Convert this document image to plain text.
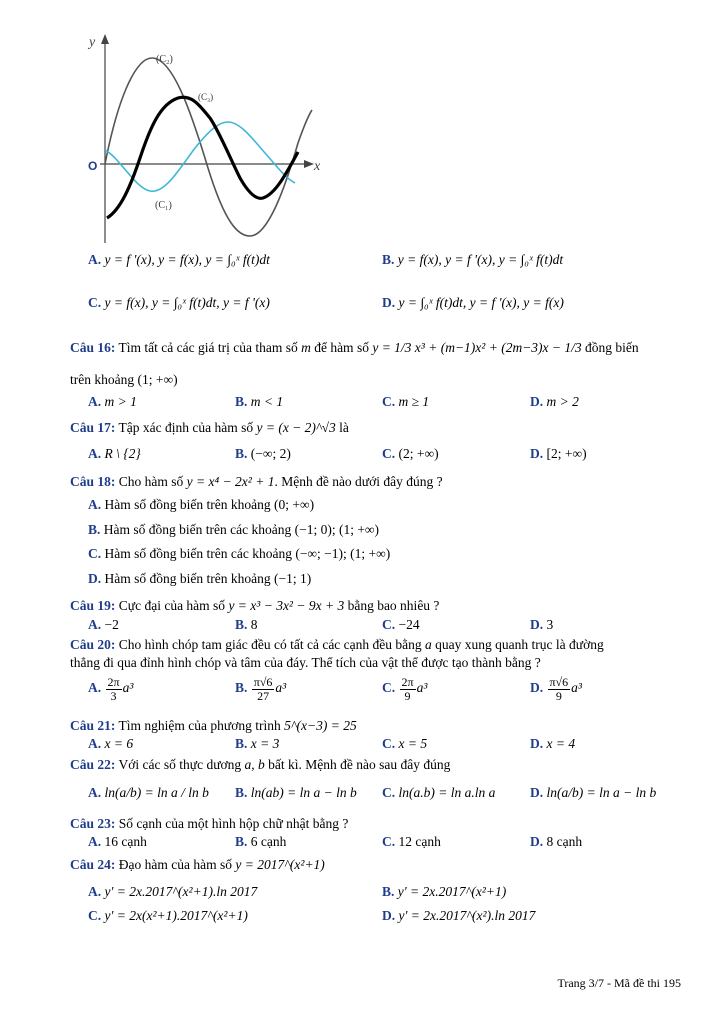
y
x
O
(C₂)
(C₃)
(C₁)
A. y = f '(x), y = f(x), y = ∫₀ˣ f(t)dt	B. y = f(x), y = f '(x), y = ∫₀ˣ f(t)dt
C. y = f(x), y = ∫₀ˣ f(t)dt, y = f '(x)	D. y = ∫₀ˣ f(t)dt, y = f '(x), y = f(x)
Câu 16: Tìm tất cả các giá trị của tham số m để hàm số y = 1/3 x³ + (m−1)x² + (2m−3)x − 1/3 đồng biến
trên khoảng (1; +∞)
A. m > 1	B. m < 1	C. m ≥ 1	D. m > 2
Câu 17: Tập xác định của hàm số y = (x − 2)^√3 là
A. R \ {2}	B. (−∞; 2)	C. (2; +∞)	D. [2; +∞)
Câu 18: Cho hàm số y = x⁴ − 2x² + 1. Mệnh đề nào dưới đây đúng ?
A. Hàm số đồng biến trên khoảng (0; +∞)
B. Hàm số đồng biến trên các khoảng (−1; 0); (1; +∞)
C. Hàm số đồng biến trên các khoảng (−∞; −1); (1; +∞)
D. Hàm số đồng biến trên khoảng (−1; 1)
Câu 19: Cực đại của hàm số y = x³ − 3x² − 9x + 3 bằng bao nhiêu ?
A. −2	B. 8	C. −24	D. 3
Câu 20: Cho hình chóp tam giác đều có tất cả các cạnh đều bằng a quay xung quanh trục là đường
thẳng đi qua đỉnh hình chóp và tâm của đáy. Thể tích của vật thể được tạo thành bằng ?
A. $\frac{2\pi}{3} a^3$	B. $\frac{\pi√6}{27} a^3$	C. $\frac{2\pi}{9} a^3$	D. $\frac{\pi√6}{9} a^3$
Câu 21: Tìm nghiệm của phương trình 5^(x−3) = 25
A. x = 6	B. x = 3	C. x = 5	D. x = 4
Câu 22: Với các số thực dương a, b bất kì. Mệnh đề nào sau đây đúng
A. ln(a/b) = ln a / ln b B. ln(ab) = ln a − ln b C. ln(a.b) = ln a.ln a	D. ln(a/b) = ln a − ln b
Câu 23: Số cạnh của một hình hộp chữ nhật bằng ?
A. 16 cạnh	B. 6 cạnh	C. 12 cạnh	D. 8 cạnh
Câu 24: Đạo hàm của hàm số y = 2017^(x²+1)
A. y' = 2x.2017^(x²+1).ln 2017	B. y' = 2x.2017^(x²+1)
C. y' = 2x(x²+1).2017^(x²+1)	D. y' = 2x.2017^(x²).ln 2017
Trang 3/7 - Mã đề thi 195
